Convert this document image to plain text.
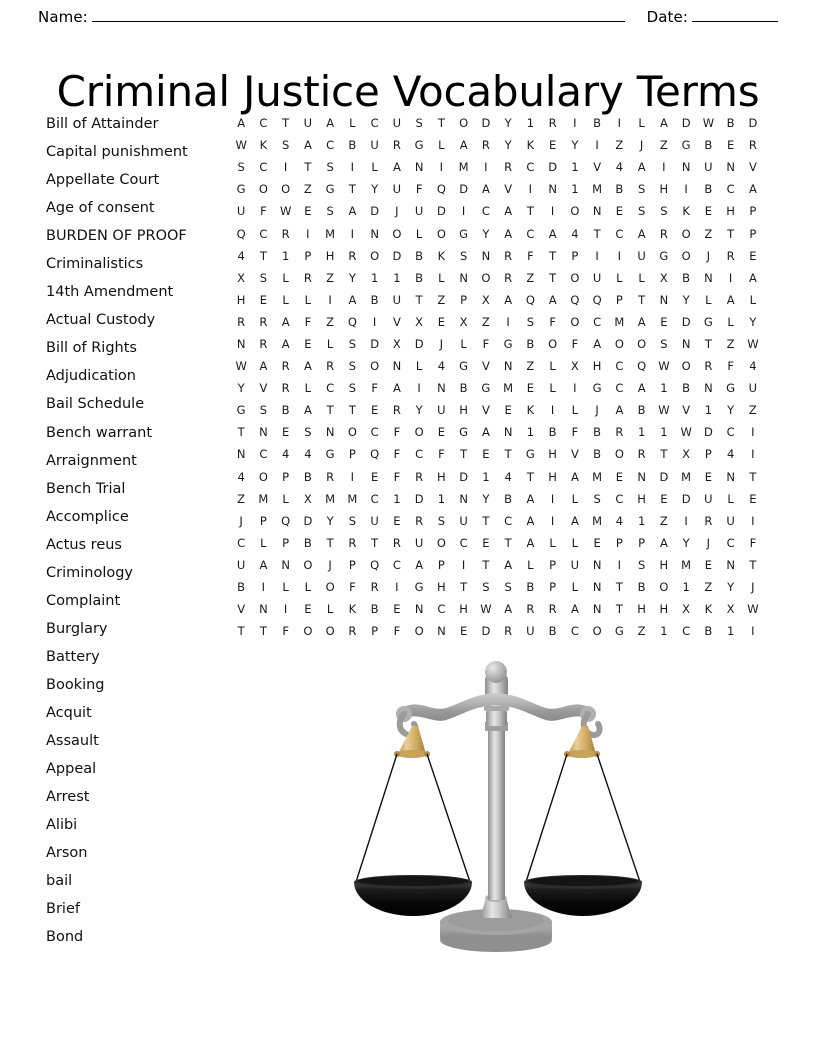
Name:	Date:
Criminal Justice Vocabulary Terms
Bill of Attainder
Capital punishment
Appellate Court
Age of consent
BURDEN OF PROOF
Criminalistics
14th Amendment
Actual Custody
Bill of Rights
Adjudication
Bail Schedule
Bench warrant
Arraignment
Bench Trial
Accomplice
Actus reus
Criminology
Complaint
Burglary
Battery
Booking
Acquit
Assault
Appeal
Arrest
Alibi
Arson
bail
Brief
Bond
A	C	T	U	A	L	C	U	S	T	O	D	Y	1	R	I	B	I	L	A	D	W	B	D
W	K	S	A	C	B	U	R	G	L	A	R	Y	K	E	Y	I	Z	J	Z	G	B	E	R
S	C	I	T	S	I	L	A	N	I	M	I	R	C	D	1	V	4	A	I	N	U	N	V
G	O	O	Z	G	T	Y	U	F	Q	D	A	V	I	N	1	M	B	S	H	I	B	C	A
U	F	W	E	S	A	D	J	U	D	I	C	A	T	I	O	N	E	S	S	K	E	H	P
Q	C	R	I	M	I	N	O	L	O	G	Y	A	C	A	4	T	C	A	R	O	Z	T	P
4	T	1	P	H	R	O	D	B	K	S	N	R	F	T	P	I	I	U	G	O	J	R	E
X	S	L	R	Z	Y	1	1	B	L	N	O	R	Z	T	O	U	L	L	X	B	N	I	A
H	E	L	L	I	A	B	U	T	Z	P	X	A	Q	A	Q	Q	P	T	N	Y	L	A	L
R	R	A	F	Z	Q	I	V	X	E	X	Z	I	S	F	O	C	M	A	E	D	G	L	Y
N	R	A	E	L	S	D	X	D	J	L	F	G	B	O	F	A	O	O	S	N	T	Z	W
W	A	R	A	R	S	O	N	L	4	G	V	N	Z	L	X	H	C	Q	W	O	R	F	4
Y	V	R	L	C	S	F	A	I	N	B	G	M	E	L	I	G	C	A	1	B	N	G	U
G	S	B	A	T	T	E	R	Y	U	H	V	E	K	I	L	J	A	B	W	V	1	Y	Z
T	N	E	S	N	O	C	F	O	E	G	A	N	1	B	F	B	R	1	1	W	D	C	I
N	C	4	4	G	P	Q	F	C	F	T	E	T	G	H	V	B	O	R	T	X	P	4	I
4	O	P	B	R	I	E	F	R	H	D	1	4	T	H	A	M	E	N	D	M	E	N	T
Z	M	L	X	M	M	C	1	D	1	N	Y	B	A	I	L	S	C	H	E	D	U	L	E
J	P	Q	D	Y	S	U	E	R	S	U	T	C	A	I	A	M	4	1	Z	I	R	U	I
C	L	P	B	T	R	T	R	U	O	C	E	T	A	L	L	E	P	P	A	Y	J	C	F
U	A	N	O	J	P	Q	C	A	P	I	T	A	L	P	U	N	I	S	H	M	E	N	T
B	I	L	L	O	F	R	I	G	H	T	S	S	B	P	L	N	T	B	O	1	Z	Y	J
V	N	I	E	L	K	B	E	N	C	H	W	A	R	R	A	N	T	H	H	X	K	X	W
T	T	F	O	O	R	P	F	O	N	E	D	R	U	B	C	O	G	Z	1	C	B	1	I
